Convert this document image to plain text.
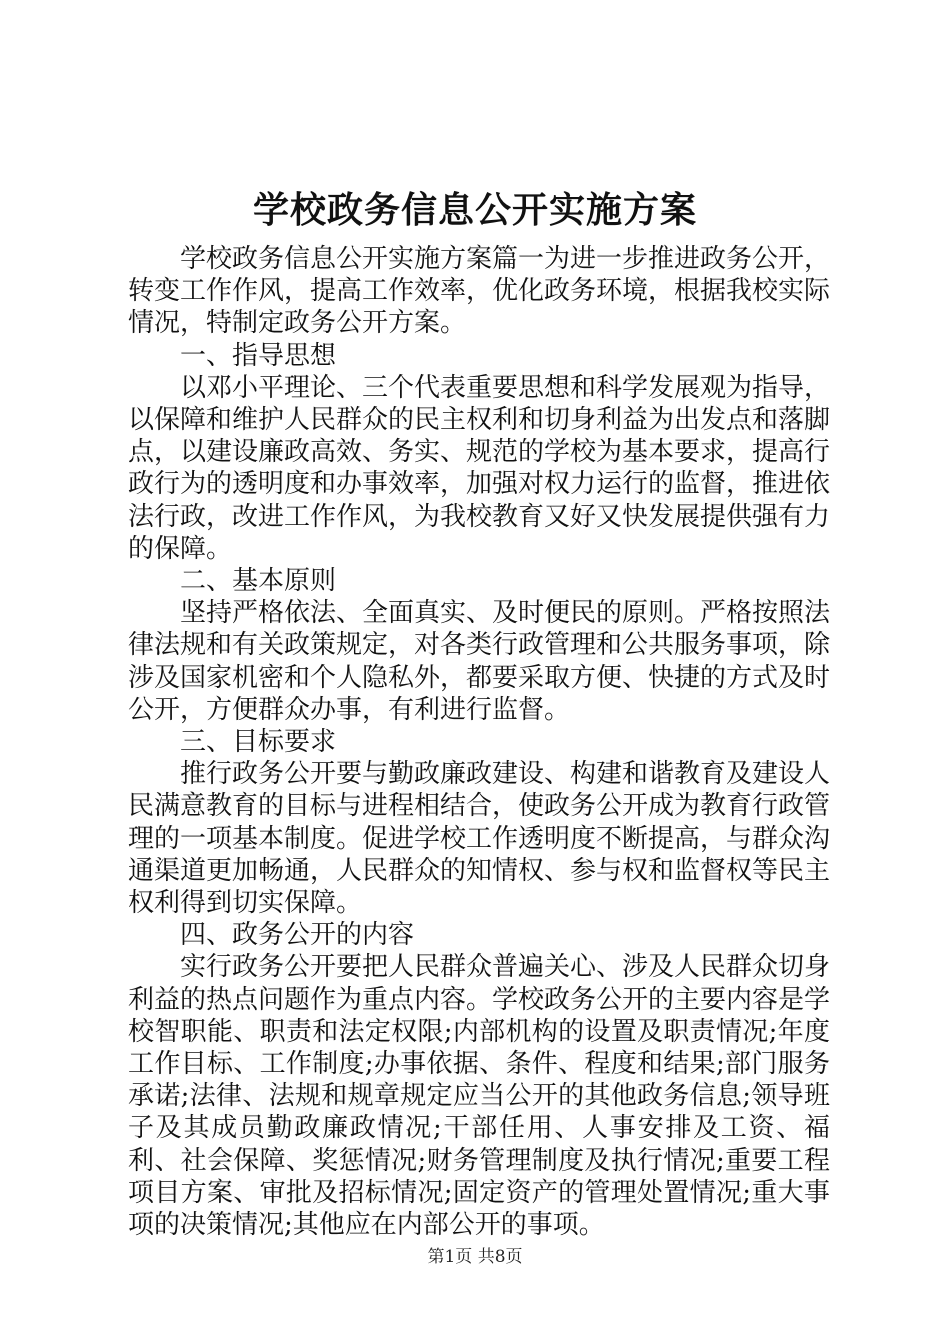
学校政务信息公开实施方案

学校政务信息公开实施方案篇一为进一步推进政务公开，转变工作作风，提高工作效率，优化政务环境，根据我校实际情况，特制定政务公开方案。

一、指导思想

以邓小平理论、三个代表重要思想和科学发展观为指导，以保障和维护人民群众的民主权利和切身利益为出发点和落脚点，以建设廉政高效、务实、规范的学校为基本要求，提高行政行为的透明度和办事效率，加强对权力运行的监督，推进依法行政，改进工作作风，为我校教育又好又快发展提供强有力的保障。

二、基本原则

坚持严格依法、全面真实、及时便民的原则。严格按照法律法规和有关政策规定，对各类行政管理和公共服务事项，除涉及国家机密和个人隐私外，都要采取方便、快捷的方式及时公开，方便群众办事，有利进行监督。

三、目标要求

推行政务公开要与勤政廉政建设、构建和谐教育及建设人民满意教育的目标与进程相结合，使政务公开成为教育行政管理的一项基本制度。促进学校工作透明度不断提高，与群众沟通渠道更加畅通，人民群众的知情权、参与权和监督权等民主权利得到切实保障。

四、政务公开的内容

实行政务公开要把人民群众普遍关心、涉及人民群众切身利益的热点问题作为重点内容。学校政务公开的主要内容是学校智职能、职责和法定权限;内部机构的设置及职责情况;年度工作目标、工作制度;办事依据、条件、程度和结果;部门服务承诺;法律、法规和规章规定应当公开的其他政务信息;领导班子及其成员勤政廉政情况;干部任用、人事安排及工资、福利、社会保障、奖惩情况;财务管理制度及执行情况;重要工程项目方案、审批及招标情况;固定资产的管理处置情况;重大事项的决策情况;其他应在内部公开的事项。

第1页 共8页
